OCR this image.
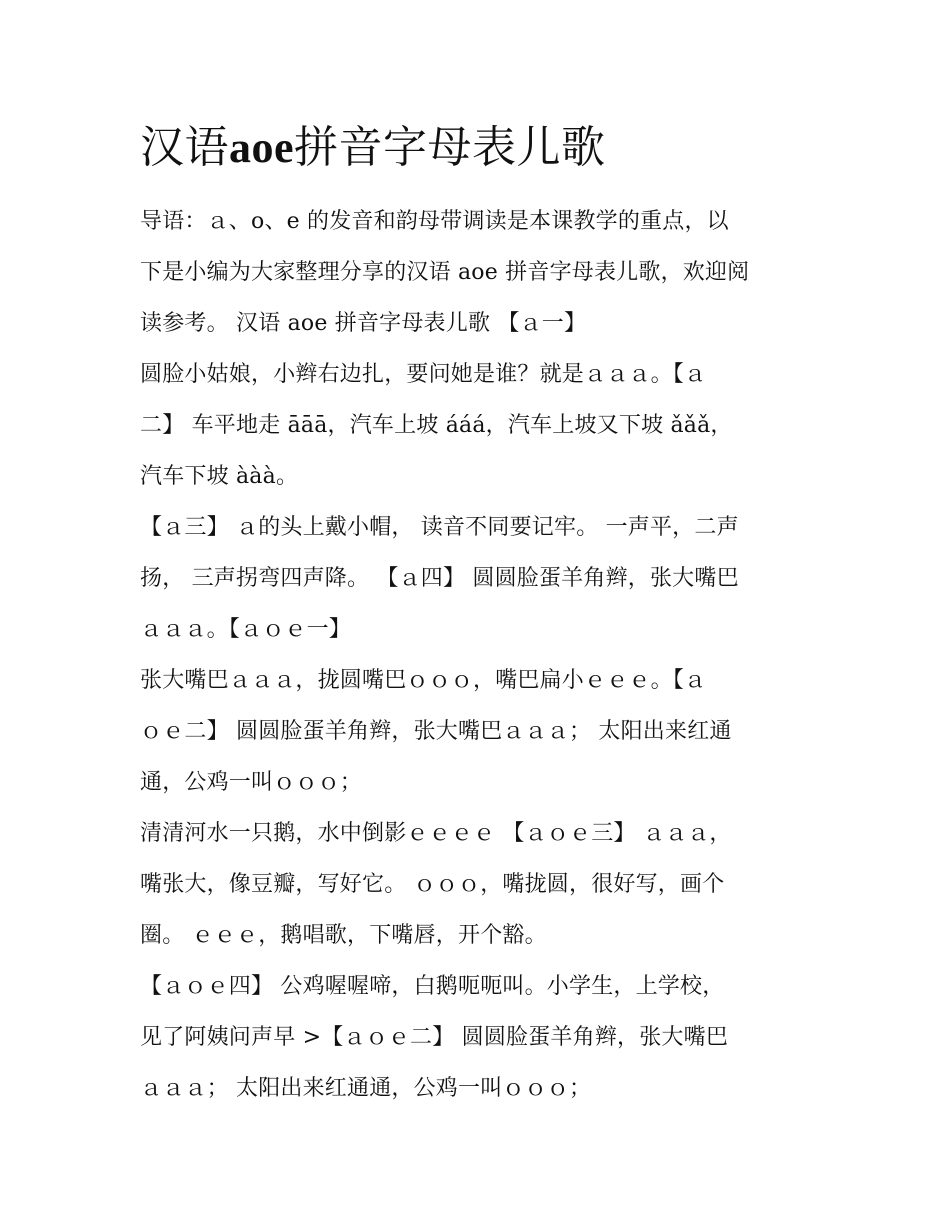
汉语aoe拼音字母表儿歌
导语：ａ、o、e 的发音和韵母带调读是本课教学的重点，以
下是小编为大家整理分享的汉语 aoe 拼音字母表儿歌，欢迎阅
读参考。 汉语 aoe 拼音字母表儿歌 【ａ一】
圆脸小姑娘，小辫右边扎，要问她是谁？就是ａａａ。【ａ
二】 车平地走 āāā，汽车上坡 ááá，汽车上坡又下坡 ǎǎǎ，
汽车下坡 ààà。
【ａ三】 ａ的头上戴小帽， 读音不同要记牢。 一声平，二声
扬， 三声拐弯四声降。 【ａ四】 圆圆脸蛋羊角辫，张大嘴巴
ａａａ。【ａｏｅ一】
张大嘴巴ａａａ，拢圆嘴巴ｏｏｏ，嘴巴扁小ｅｅｅ。【ａ
ｏｅ二】 圆圆脸蛋羊角辫，张大嘴巴ａａａ； 太阳出来红通
通，公鸡一叫ｏｏｏ；
清清河水一只鹅，水中倒影ｅｅｅｅ 【ａｏｅ三】 ａａａ，
嘴张大，像豆瓣，写好它。 ｏｏｏ，嘴拢圆，很好写，画个
圈。 ｅｅｅ，鹅唱歌，下嘴唇，开个豁。
【ａｏｅ四】 公鸡喔喔啼，白鹅呃呃叫。小学生，上学校，
见了阿姨问声早 >【ａｏｅ二】 圆圆脸蛋羊角辫，张大嘴巴
ａａａ； 太阳出来红通通，公鸡一叫ｏｏｏ；
